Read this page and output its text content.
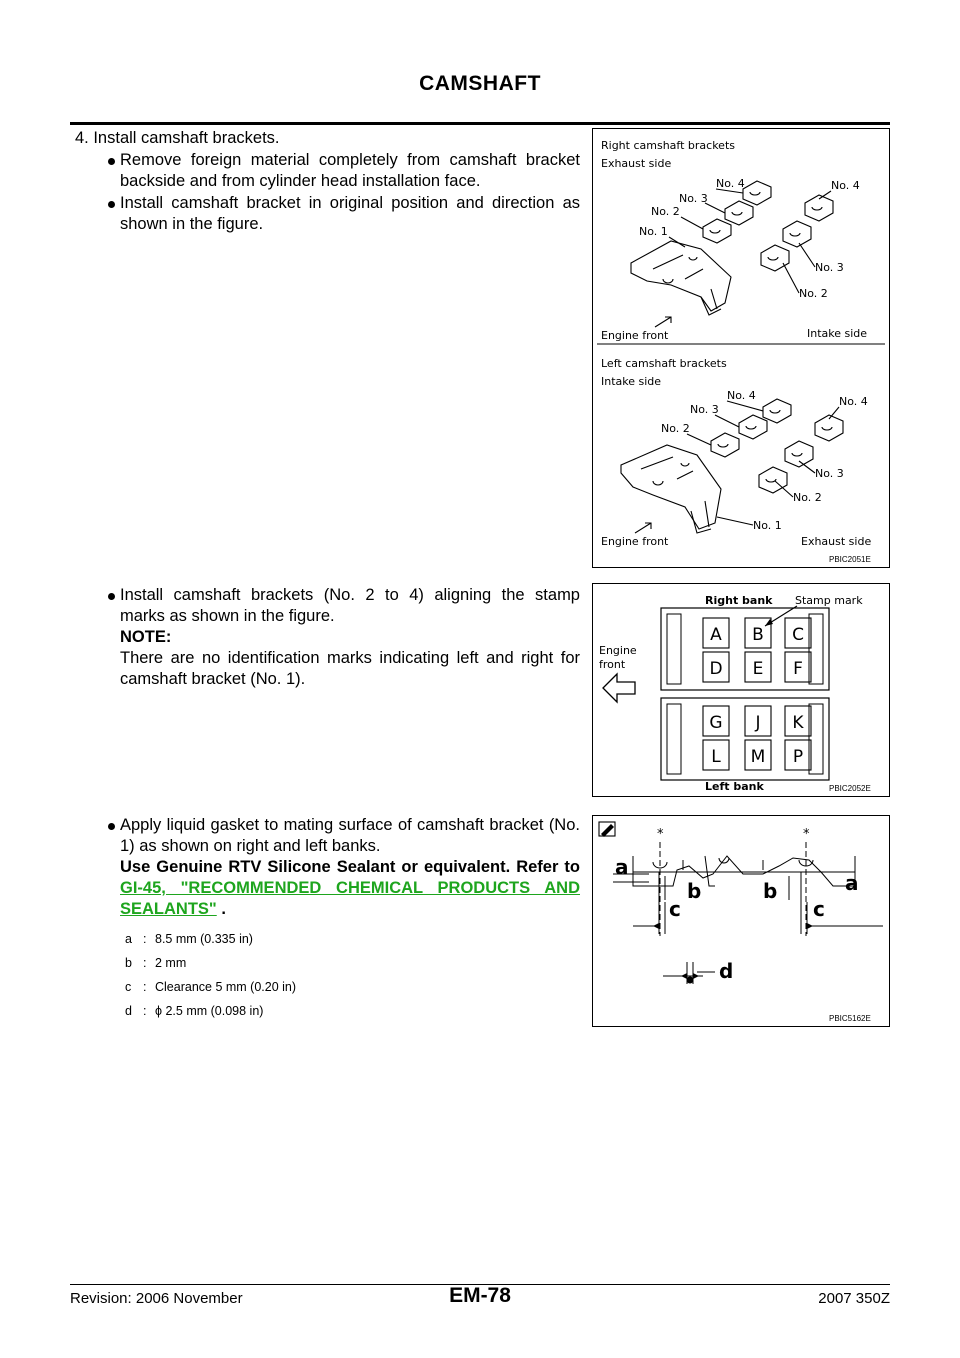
CAMSHAFT
4. Install camshaft brackets.
Remove foreign material completely from camshaft bracket
backside and from cylinder head installation face.
Install camshaft bracket in original position and direction as
shown in the figure.
Right camshaft brackets
Exhaust side
No. 4
No. 3
No. 2
No. 1
No. 4
No. 3
No. 2
Engine front	Intake side
Left camshaft brackets
Intake side
No. 4
No. 3
No. 2
No. 4
No. 3
No. 2
No. 1
Engine front	Exhaust side
PBIC2051E
Install camshaft brackets (No. 2 to 4) aligning the stamp
marks as shown in the figure.
NOTE:
There are no identification marks indicating left and right for
camshaft bracket (No. 1).
Right bank Stamp mark
Engine
front
A B C
D E F
G J K
L M P
Left bank	PBIC2052E
Apply liquid gasket to mating surface of camshaft bracket (No.
1) as shown on right and left banks.
Use Genuine RTV Silicone Sealant or equivalent. Refer to
GI-45, "RECOMMENDED CHEMICAL PRODUCTS AND
SEALANTS" .
a : 8.5 mm (0.335 in)
b : 2 mm
c : Clearance 5 mm (0.20 in)
d : ϕ 2.5 mm (0.098 in)
*	*
a
a
b	b
c	c
d
PBIC5162E
Revision: 2006 November	EM-78	2007 350Z
